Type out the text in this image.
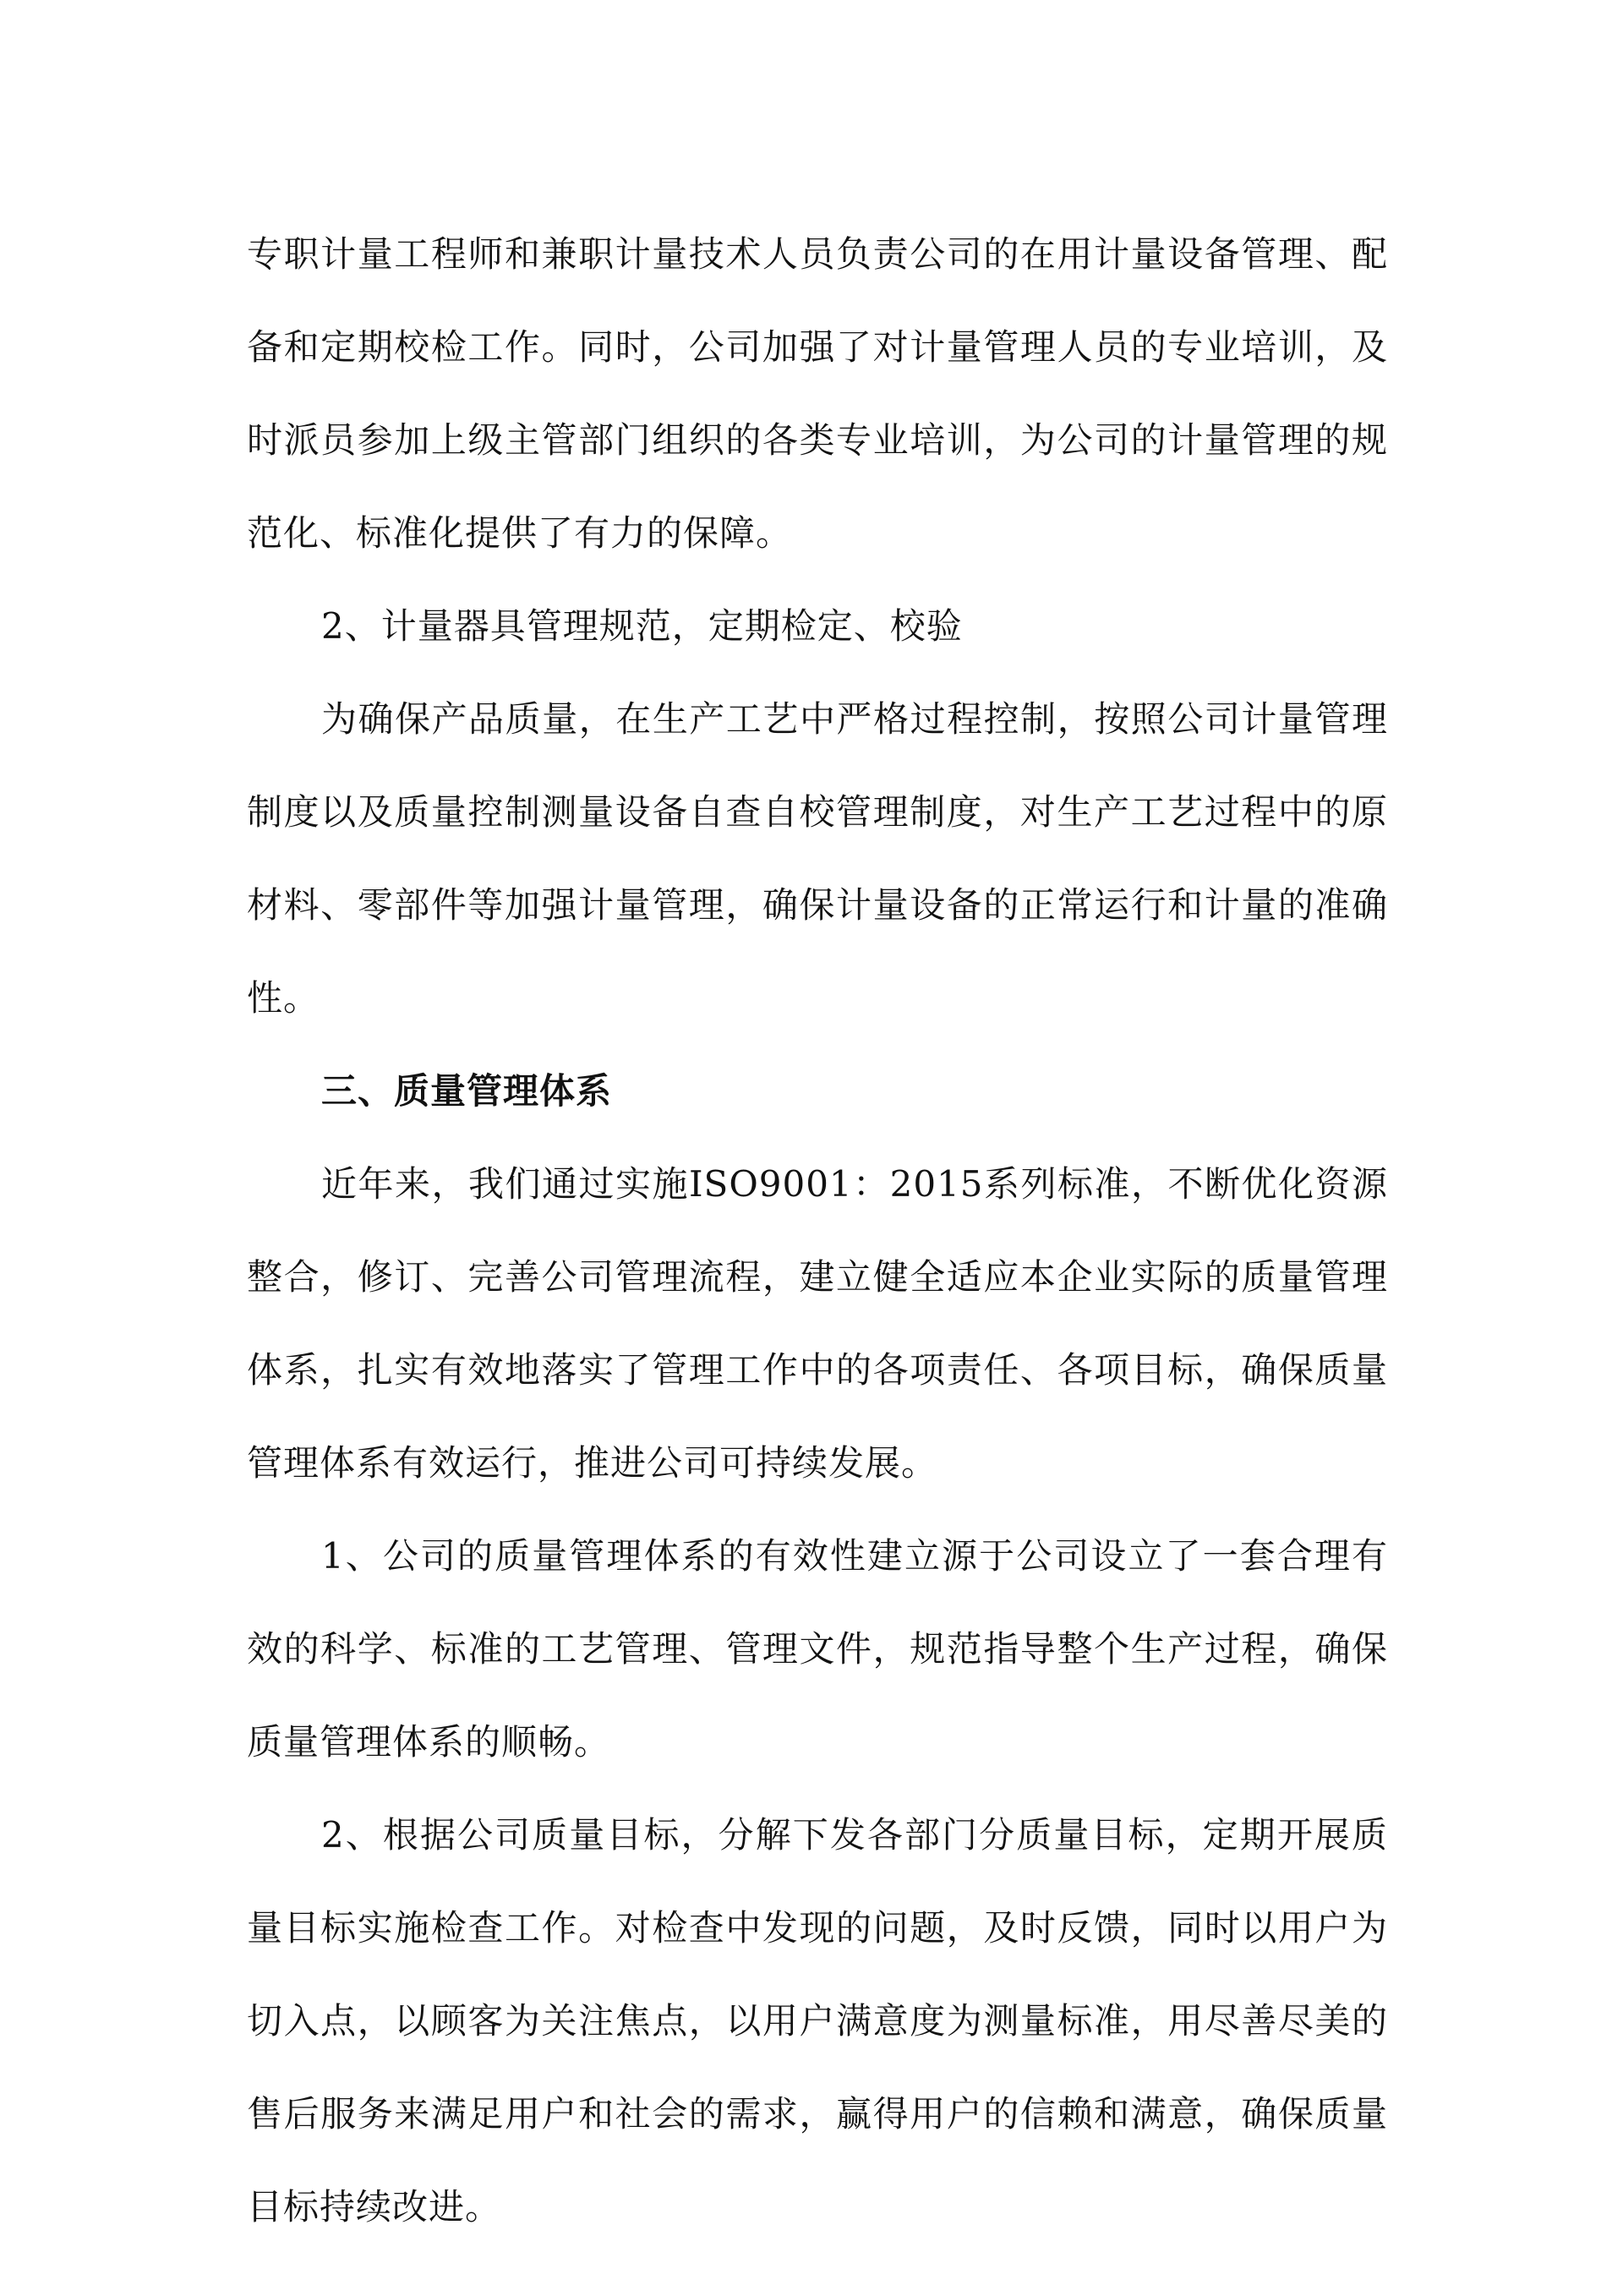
专职计量工程师和兼职计量技术人员负责公司的在用计量设备管理、配备和定期校检工作。同时，公司加强了对计量管理人员的专业培训，及时派员参加上级主管部门组织的各类专业培训，为公司的计量管理的规范化、标准化提供了有力的保障。

2、计量器具管理规范，定期检定、校验

为确保产品质量，在生产工艺中严格过程控制，按照公司计量管理制度以及质量控制测量设备自查自校管理制度，对生产工艺过程中的原材料、零部件等加强计量管理，确保计量设备的正常运行和计量的准确性。

三、质量管理体系

近年来，我们通过实施ISO9001：2015系列标准，不断优化资源整合，修订、完善公司管理流程，建立健全适应本企业实际的质量管理体系，扎实有效地落实了管理工作中的各项责任、各项目标，确保质量管理体系有效运行，推进公司可持续发展。

1、公司的质量管理体系的有效性建立源于公司设立了一套合理有效的科学、标准的工艺管理、管理文件，规范指导整个生产过程，确保质量管理体系的顺畅。

2、根据公司质量目标，分解下发各部门分质量目标，定期开展质量目标实施检查工作。对检查中发现的问题，及时反馈，同时以用户为切入点，以顾客为关注焦点，以用户满意度为测量标准，用尽善尽美的售后服务来满足用户和社会的需求，赢得用户的信赖和满意，确保质量目标持续改进。
